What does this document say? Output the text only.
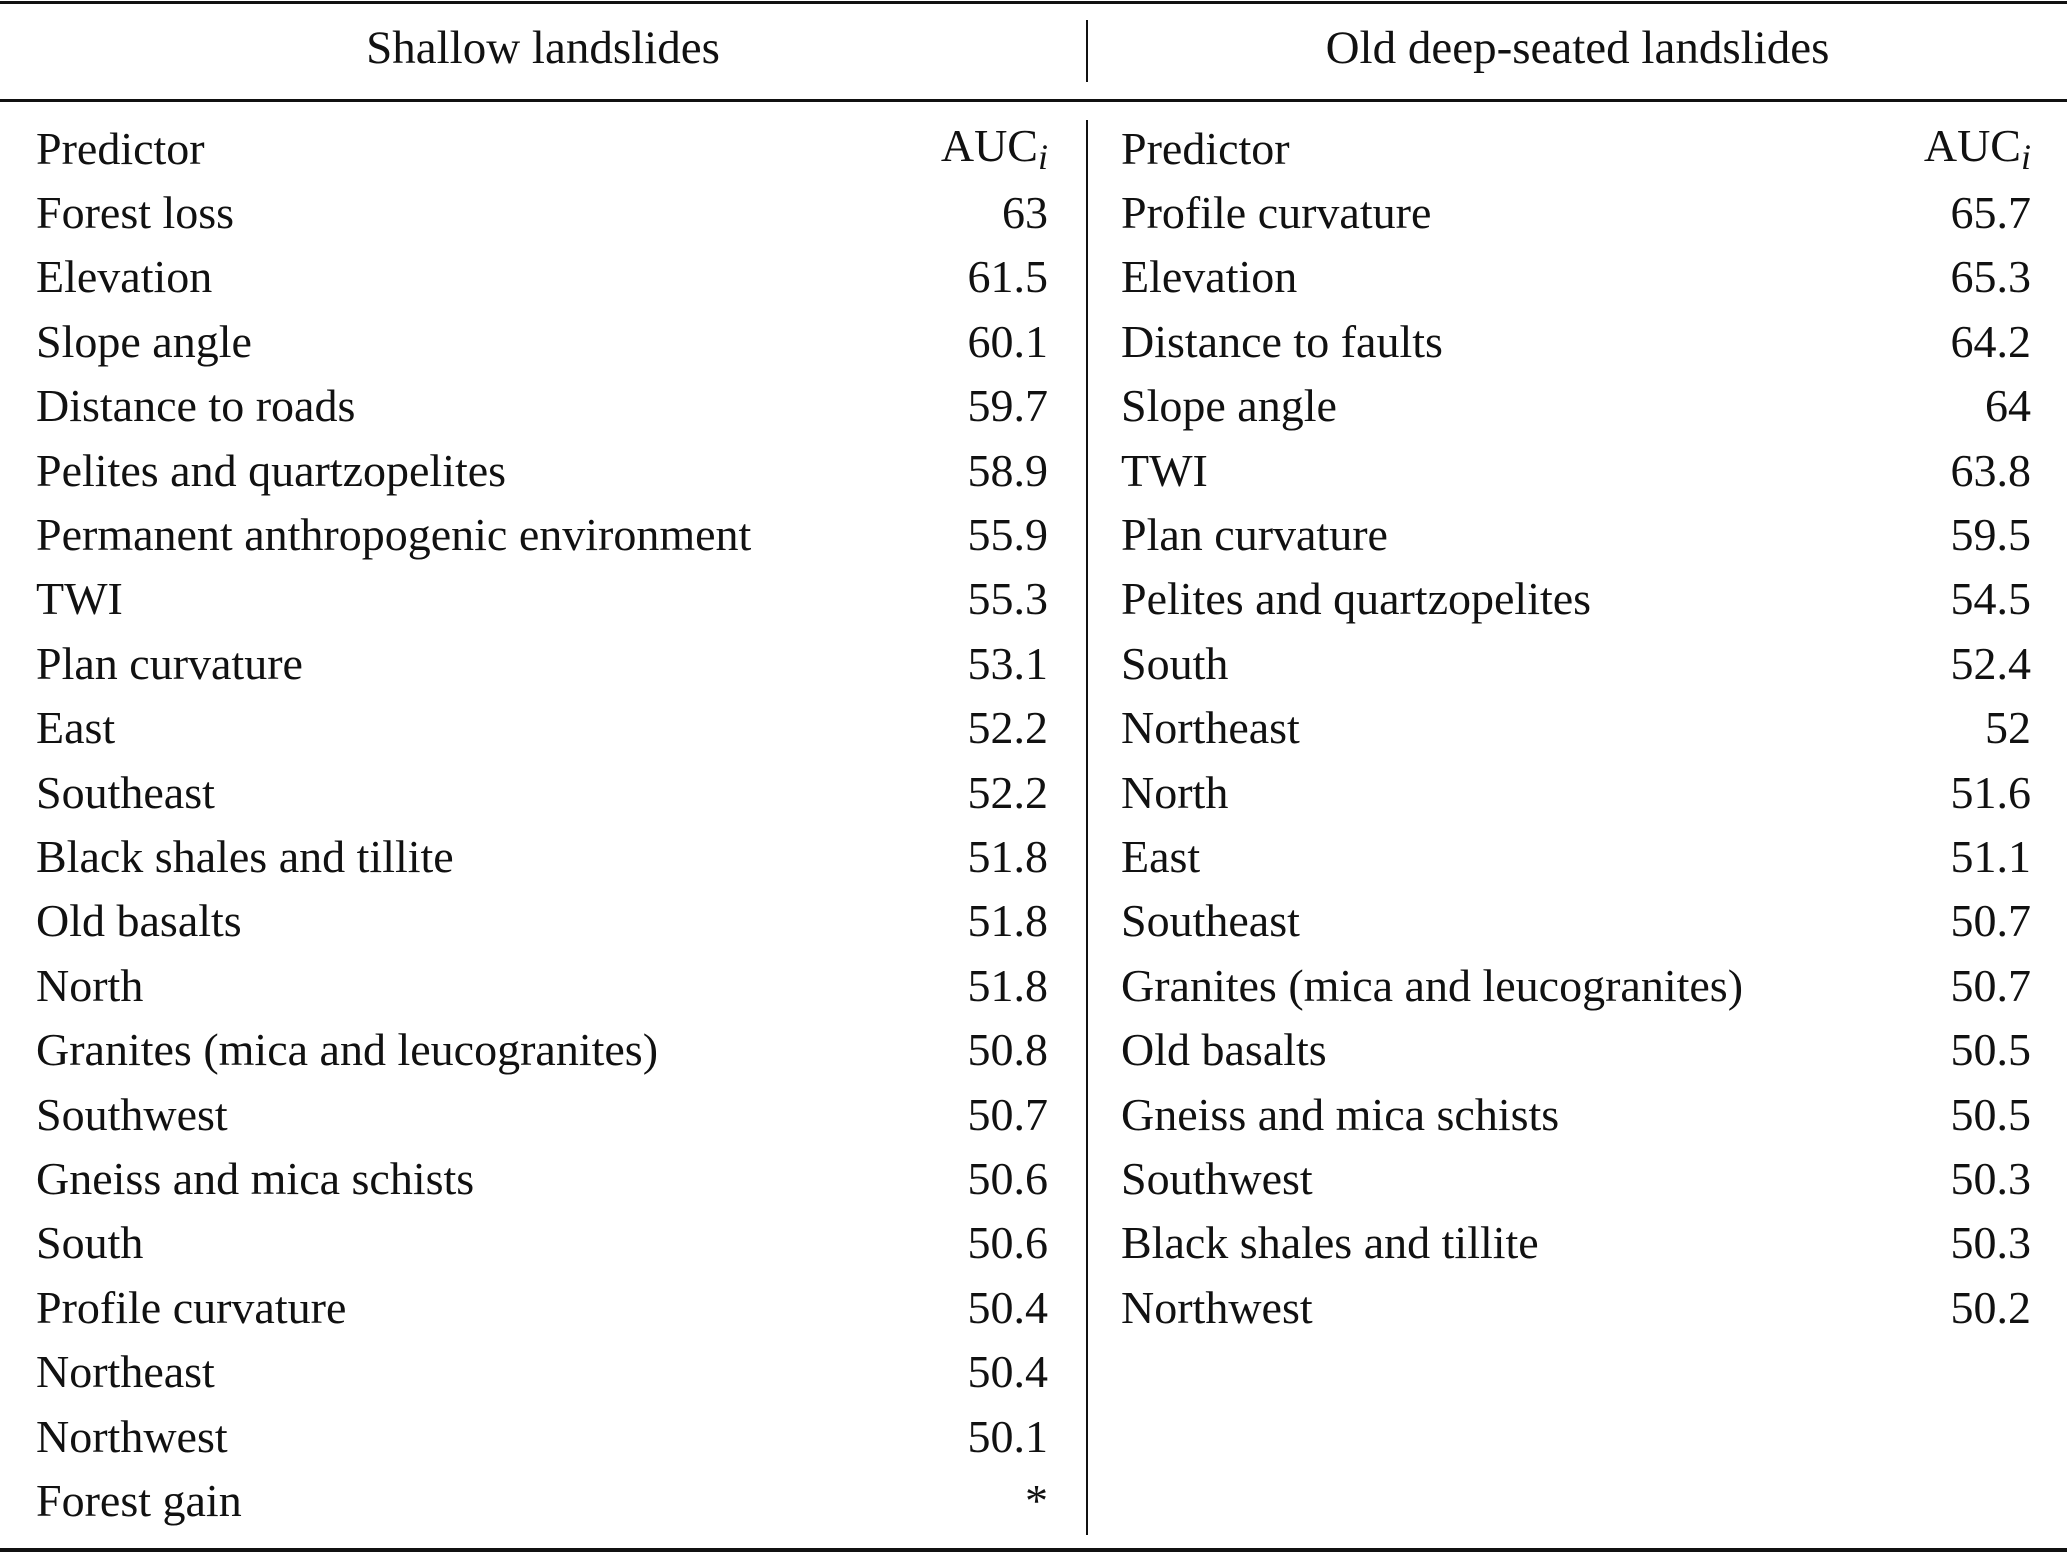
Shallow landslides	Old deep-seated landslides
Predictor	$AUC_i$
Forest loss	63
Elevation	61.5
Slope angle	60.1
Distance to roads	59.7
Pelites and quartzopelites	58.9
Permanent anthropogenic environment	55.9
TWI	55.3
Plan curvature	53.1
East	52.2
Southeast	52.2
Black shales and tillite	51.8
Old basalts	51.8
North	51.8
Granites (mica and leucogranites)	50.8
Southwest	50.7
Gneiss and mica schists	50.6
South	50.6
Profile curvature	50.4
Northeast	50.4
Northwest	50.1
Forest gain	*
Predictor	$AUC_i$
Profile curvature	65.7
Elevation	65.3
Distance to faults	64.2
Slope angle	64
TWI	63.8
Plan curvature	59.5
Pelites and quartzopelites	54.5
South	52.4
Northeast	52
North	51.6
East	51.1
Southeast	50.7
Granites (mica and leucogranites)	50.7
Old basalts	50.5
Gneiss and mica schists	50.5
Southwest	50.3
Black shales and tillite	50.3
Northwest	50.2
